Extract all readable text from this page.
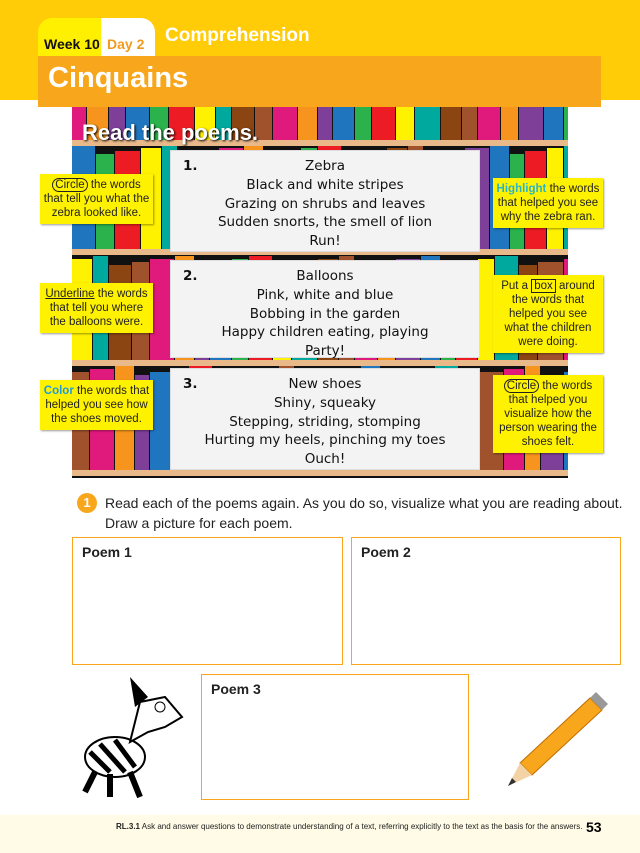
Week 10 Day 2	Comprehension
Cinquains
Read the poems.
1.	Zebra
Black and white stripes
Grazing on shrubs and leaves
Sudden snorts, the smell of lion
Run!
2.	Balloons
Pink, white and blue
Bobbing in the garden
Happy children eating, playing
Party!
3.	New shoes
Shiny, squeaky
Stepping, striding, stomping
Hurting my heels, pinching my toes
Ouch!
Circle the words that tell you what the zebra looked like.
Underline the words that tell you where the balloons were.
Color the words that helped you see how the shoes moved.
Highlight the words that helped you see why the zebra ran.
Put a box around the words that helped you see what the children were doing.
Circle the words that helped you visualize how the person wearing the shoes felt.
1	Read each of the poems again. As you do so, visualize what you are reading about. Draw a picture for each poem.
Poem 1	Poem 2
Poem 3
RL.3.1 Ask and answer questions to demonstrate understanding of a text, referring explicitly to the text as the basis for the answers. 53
